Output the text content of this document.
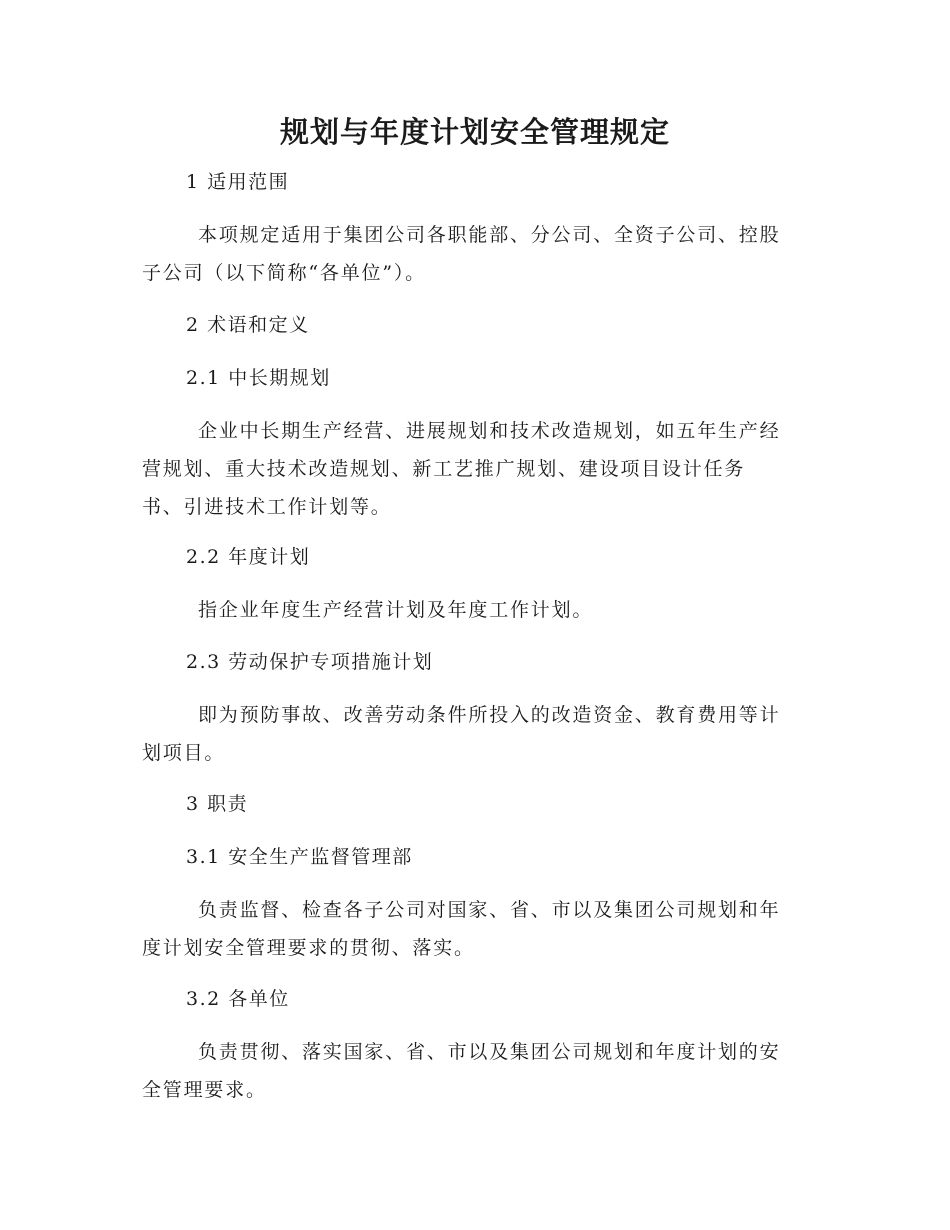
规划与年度计划安全管理规定

1 适用范围

本项规定适用于集团公司各职能部、分公司、全资子公司、控股
子公司（以下简称“各单位”）。

2 术语和定义

2.1 中长期规划

企业中长期生产经营、进展规划和技术改造规划，如五年生产经
营规划、重大技术改造规划、新工艺推广规划、建设项目设计任务
书、引进技术工作计划等。

2.2 年度计划

指企业年度生产经营计划及年度工作计划。

2.3 劳动保护专项措施计划

即为预防事故、改善劳动条件所投入的改造资金、教育费用等计
划项目。

3 职责

3.1 安全生产监督管理部

负责监督、检查各子公司对国家、省、市以及集团公司规划和年
度计划安全管理要求的贯彻、落实。

3.2 各单位

负责贯彻、落实国家、省、市以及集团公司规划和年度计划的安
全管理要求。
